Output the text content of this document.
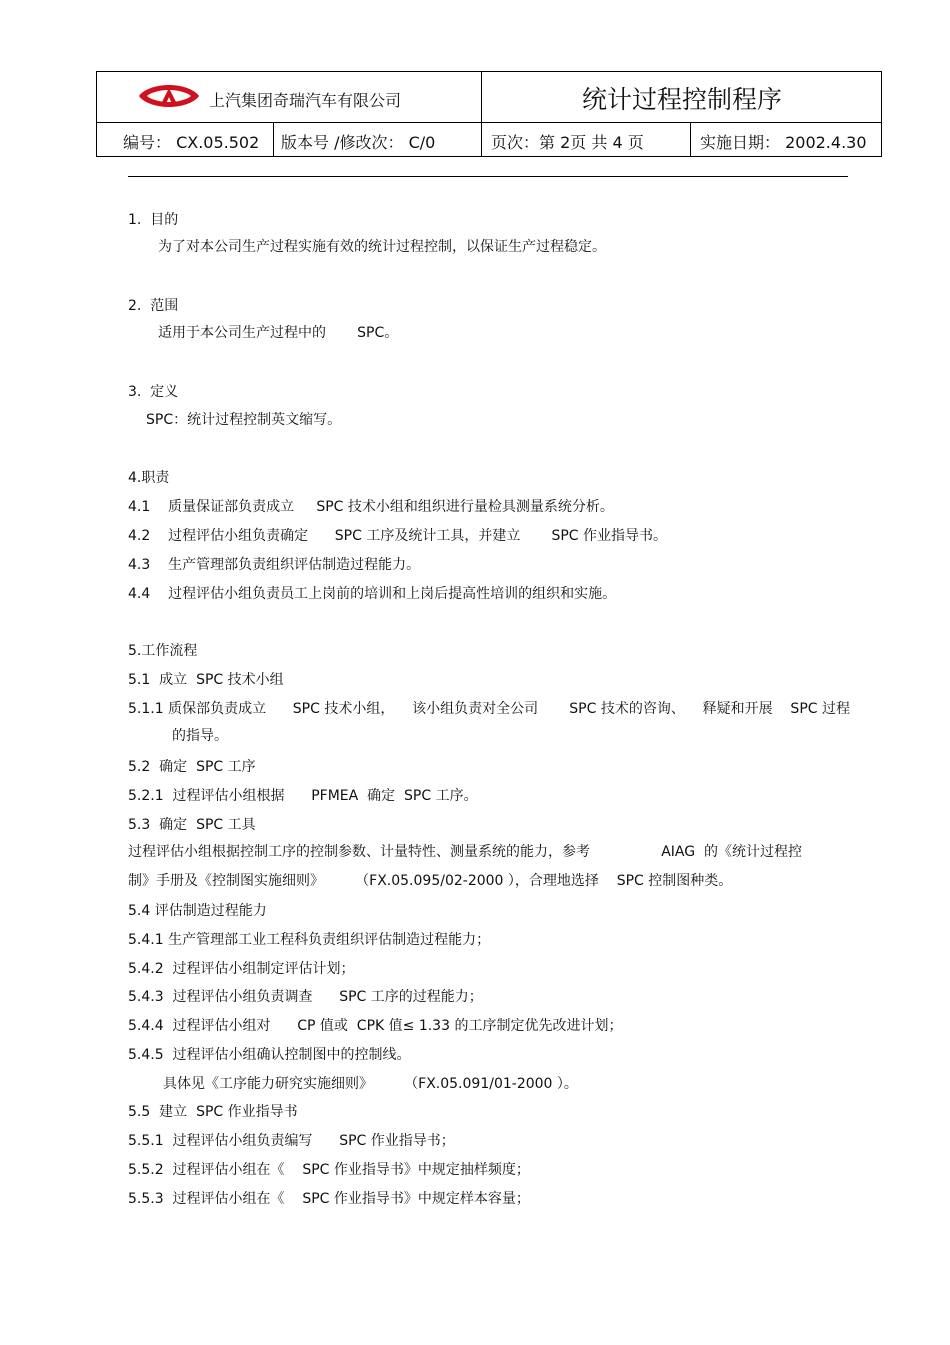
上汽集团奇瑞汽车有限公司	统计过程控制程序
编号： CX.05.502 版本号 /修改次： C/0	页次：第 2页 共 4 页	实施日期： 2002.4.30
1.  目的
为了对本公司生产过程实施有效的统计过程控制，以保证生产过程稳定。
2.  范围
适用于本公司生产过程中的       SPC。
3.  定义
SPC：统计过程控制英文缩写。
4.职责
4.1    质量保证部负责成立     SPC 技术小组和组织进行量检具测量系统分析。
4.2    过程评估小组负责确定      SPC 工序及统计工具，并建立       SPC 作业指导书。
4.3    生产管理部负责组织评估制造过程能力。
4.4    过程评估小组负责员工上岗前的培训和上岗后提高性培训的组织和实施。
5.工作流程
5.1  成立  SPC 技术小组
5.1.1 质保部负责成立      SPC 技术小组，    该小组负责对全公司       SPC 技术的咨询、    释疑和开展    SPC 过程
的指导。
5.2  确定  SPC 工序
5.2.1  过程评估小组根据      PFMEA  确定  SPC 工序。
5.3  确定  SPC 工具
过程评估小组根据控制工序的控制参数、计量特性、测量系统的能力，参考                AIAG  的《统计过程控
制》手册及《控制图实施细则》       （FX.05.095/02-2000 ），合理地选择    SPC 控制图种类。
5.4 评估制造过程能力
5.4.1 生产管理部工业工程科负责组织评估制造过程能力；
5.4.2  过程评估小组制定评估计划；
5.4.3  过程评估小组负责调查      SPC 工序的过程能力；
5.4.4  过程评估小组对      CP 值或  CPK 值≤ 1.33 的工序制定优先改进计划；
5.4.5  过程评估小组确认控制图中的控制线。
具体见《工序能力研究实施细则》       （FX.05.091/01-2000 ）。
5.5  建立  SPC 作业指导书
5.5.1  过程评估小组负责编写      SPC 作业指导书；
5.5.2  过程评估小组在《    SPC 作业指导书》中规定抽样频度；
5.5.3  过程评估小组在《    SPC 作业指导书》中规定样本容量；
